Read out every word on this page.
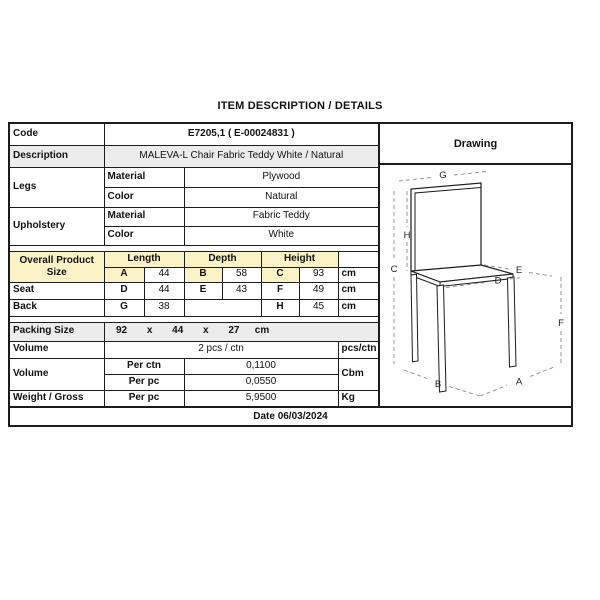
ITEM DESCRIPTION / DETAILS
Code	E7205,1 ( E-00024831 )						
Description	MALEVA-L Chair Fabric Teddy White / Natural						
Legs	Material		Plywood				
	Color		Natural				
Upholstery	Material		Fabric Teddy				
	Color		White				

Overall Product Size	Length		Depth		Height		
	A	44	B	58	C	93	cm
Seat	D	44	E	43	F	49	cm
Back	G	38			H	45	cm

Packing Size	92	x	44	x	27	cm

Volume	2 pcs / ctn						pcs/ctn
Volume	Per ctn		0,1100				Cbm
	Per pc		0,0550				
Weight / Gross	Per pc		5,9500				Kg
Drawing
G
H
C	E
D
F
B	A
Date 06/03/2024
